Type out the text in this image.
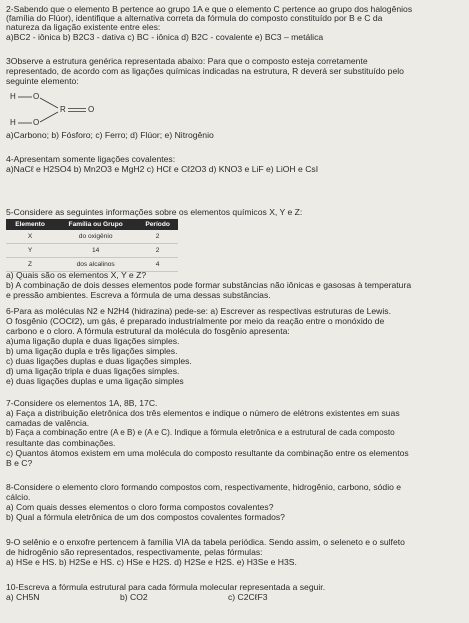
2-Sabendo que o elemento B pertence ao grupo 1A e que o elemento C pertence ao grupo dos halogênios
(família do Flúor), identifique a alternativa correta da fórmula do composto constituído por B e C da
natureza da ligação existente entre eles:
a)BC2 - iônica b) B2C3 - dativa c) BC - iônica d) B2C - covalente e) BC3 – metálica
3Observe a estrutura genérica representada abaixo: Para que o composto esteja corretamente
representado, de acordo com as ligações químicas indicadas na estrutura, R deverá ser substituído pelo
seguinte elemento:
H O
R	O
H O
a)Carbono; b) Fósforo; c) Ferro; d) Flúor; e) Nitrogênio
4-Apresentam somente ligações covalentes:
a)NaCℓ e H2SO4 b) Mn2O3 e MgH2 c) HCℓ e Cℓ2O3 d) KNO3 e LiF e) LiOH e CsI
5-Considere as seguintes informações sobre os elementos químicos X, Y e Z:
Elemento	Família ou Grupo	Período
X	do oxigênio	2
Y	14	2
Z	dos alcalinos	4
a) Quais são os elementos X, Y e Z?
b) A combinação de dois desses elementos pode formar substâncias não iônicas e gasosas à temperatura
e pressão ambientes. Escreva a fórmula de uma dessas substâncias.
6-Para as moléculas N2 e N2H4 (hidrazina) pede-se: a) Escrever as respectivas estruturas de Lewis.
O fosgênio (COCℓ2), um gás, é preparado industrialmente por meio da reação entre o monóxido de
carbono e o cloro. A fórmula estrutural da molécula do fosgênio apresenta:
a)uma ligação dupla e duas ligações simples.
b) uma ligação dupla e três ligações simples.
c) duas ligações duplas e duas ligações simples.
d) uma ligação tripla e duas ligações simples.
e) duas ligações duplas e uma ligação simples
7-Considere os elementos 1A, 8B, 17C.
a) Faça a distribuição eletrônica dos três elementos e indique o número de elétrons existentes em suas
camadas de valência.
b) Faça a combinação entre (A e B) e (A e C). Indique a fórmula eletrônica e a estrutural de cada composto
resultante das combinações.
c) Quantos átomos existem em uma molécula do composto resultante da combinação entre os elementos
B e C?
8-Considere o elemento cloro formando compostos com, respectivamente, hidrogênio, carbono, sódio e
cálcio.
a) Com quais desses elementos o cloro forma compostos covalentes?
b) Qual a fórmula eletrônica de um dos compostos covalentes formados?
9-O selênio e o enxofre pertencem à família VIA da tabela periódica. Sendo assim, o seleneto e o sulfeto
de hidrogênio são representados, respectivamente, pelas fórmulas:
a) HSe e HS. b) H2Se e HS. c) HSe e H2S. d) H2Se e H2S. e) H3Se e H3S.
10-Escreva a fórmula estrutural para cada fórmula molecular representada a seguir.
a) CH5N	b) CO2	c) C2CℓF3
